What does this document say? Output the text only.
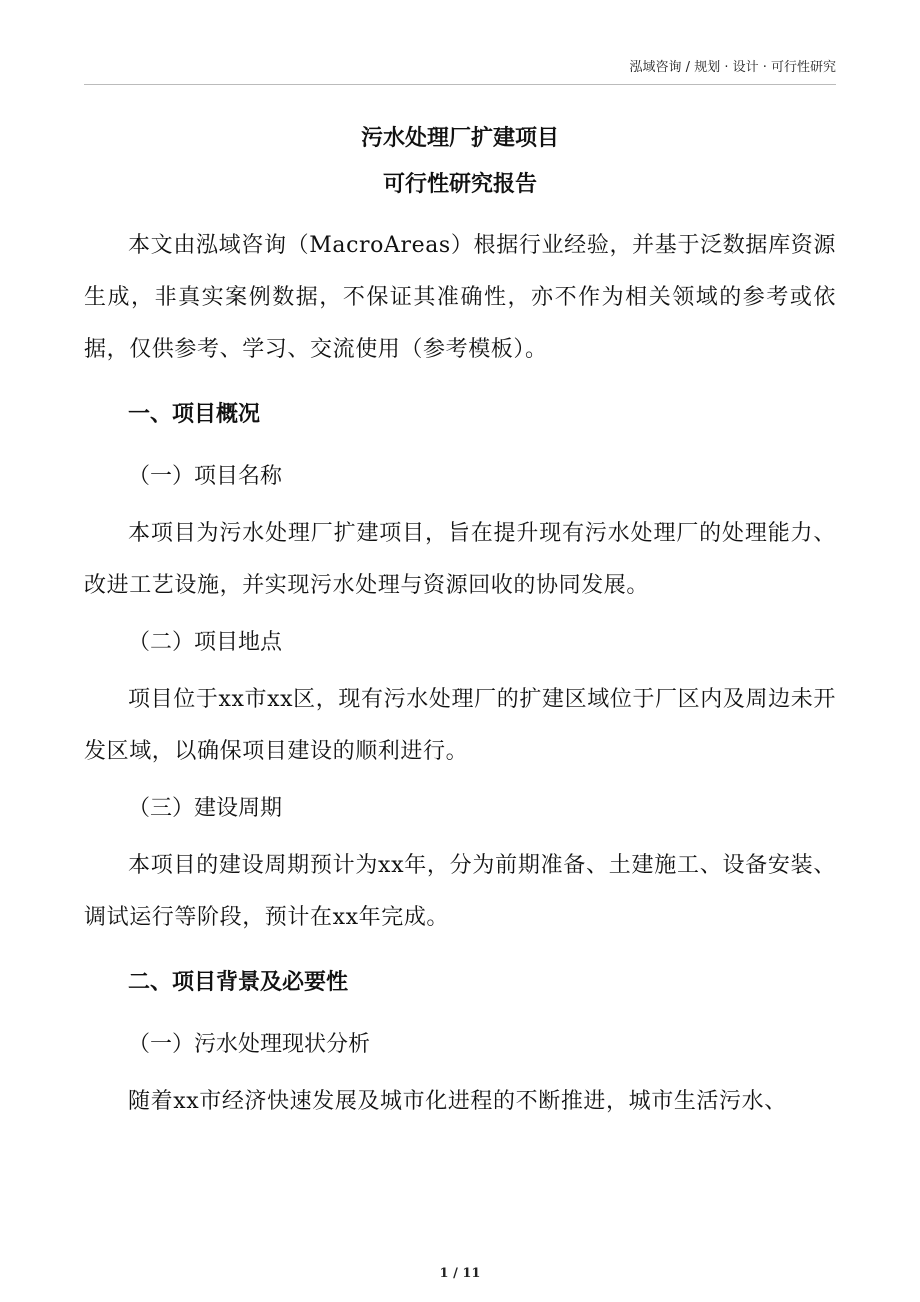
泓域咨询 / 规划 · 设计 · 可行性研究
污水处理厂扩建项目
可行性研究报告

本文由泓域咨询（MacroAreas）根据行业经验，并基于泛数据库资源生成，非真实案例数据，不保证其准确性，亦不作为相关领域的参考或依据，仅供参考、学习、交流使用（参考模板）。

一、项目概况
（一）项目名称

本项目为污水处理厂扩建项目，旨在提升现有污水处理厂的处理能力、改进工艺设施，并实现污水处理与资源回收的协同发展。

（二）项目地点

项目位于xx市xx区，现有污水处理厂的扩建区域位于厂区内及周边未开发区域，以确保项目建设的顺利进行。

（三）建设周期

本项目的建设周期预计为xx年，分为前期准备、土建施工、设备安装、调试运行等阶段，预计在xx年完成。

二、项目背景及必要性
（一）污水处理现状分析

随着xx市经济快速发展及城市化进程的不断推进，城市生活污水、

1 / 11
